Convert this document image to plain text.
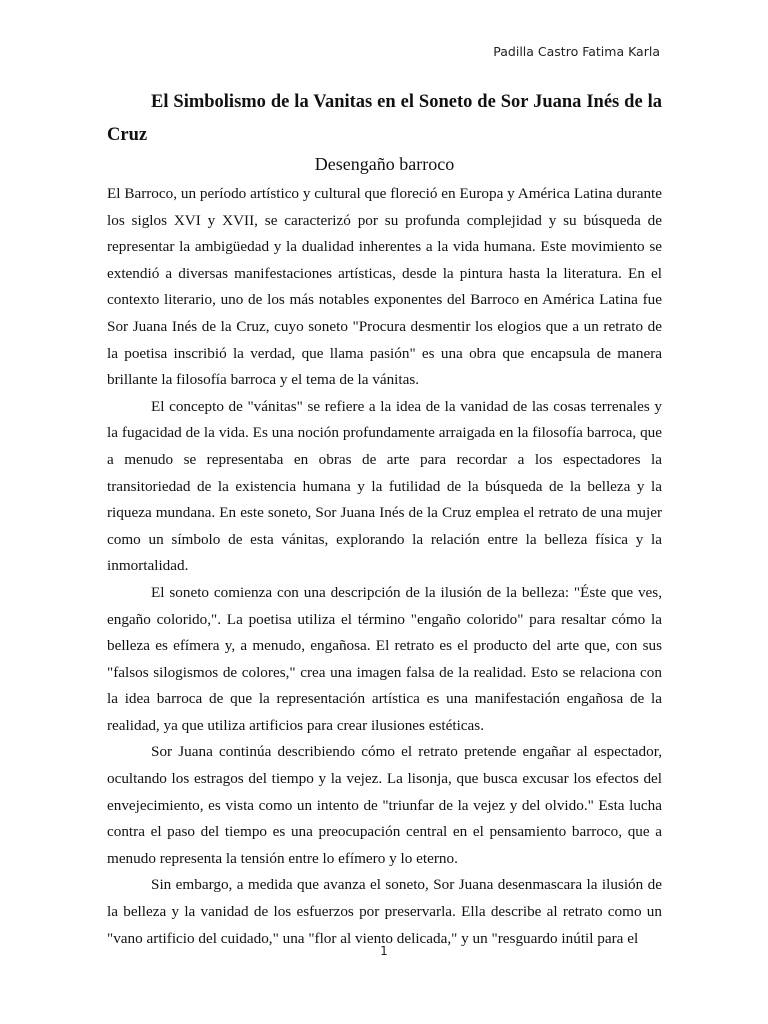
Padilla Castro Fatima Karla
El Simbolismo de la Vanitas en el Soneto de Sor Juana Inés de la Cruz
Desengaño barroco

El Barroco, un período artístico y cultural que floreció en Europa y América Latina durante los siglos XVI y XVII, se caracterizó por su profunda complejidad y su búsqueda de representar la ambigüedad y la dualidad inherentes a la vida humana. Este movimiento se extendió a diversas manifestaciones artísticas, desde la pintura hasta la literatura. En el contexto literario, uno de los más notables exponentes del Barroco en América Latina fue Sor Juana Inés de la Cruz, cuyo soneto "Procura desmentir los elogios que a un retrato de la poetisa inscribió la verdad, que llama pasión" es una obra que encapsula de manera brillante la filosofía barroca y el tema de la vánitas.

El concepto de "vánitas" se refiere a la idea de la vanidad de las cosas terrenales y la fugacidad de la vida. Es una noción profundamente arraigada en la filosofía barroca, que a menudo se representaba en obras de arte para recordar a los espectadores la transitoriedad de la existencia humana y la futilidad de la búsqueda de la belleza y la riqueza mundana. En este soneto, Sor Juana Inés de la Cruz emplea el retrato de una mujer como un símbolo de esta vánitas, explorando la relación entre la belleza física y la inmortalidad.

El soneto comienza con una descripción de la ilusión de la belleza: "Éste que ves, engaño colorido,". La poetisa utiliza el término "engaño colorido" para resaltar cómo la belleza es efímera y, a menudo, engañosa. El retrato es el producto del arte que, con sus "falsos silogismos de colores," crea una imagen falsa de la realidad. Esto se relaciona con la idea barroca de que la representación artística es una manifestación engañosa de la realidad, ya que utiliza artificios para crear ilusiones estéticas.

Sor Juana continúa describiendo cómo el retrato pretende engañar al espectador, ocultando los estragos del tiempo y la vejez. La lisonja, que busca excusar los efectos del envejecimiento, es vista como un intento de "triunfar de la vejez y del olvido." Esta lucha contra el paso del tiempo es una preocupación central en el pensamiento barroco, que a menudo representa la tensión entre lo efímero y lo eterno.

Sin embargo, a medida que avanza el soneto, Sor Juana desenmascara la ilusión de la belleza y la vanidad de los esfuerzos por preservarla. Ella describe al retrato como un "vano artificio del cuidado," una "flor al viento delicada," y un "resguardo inútil para el

1
